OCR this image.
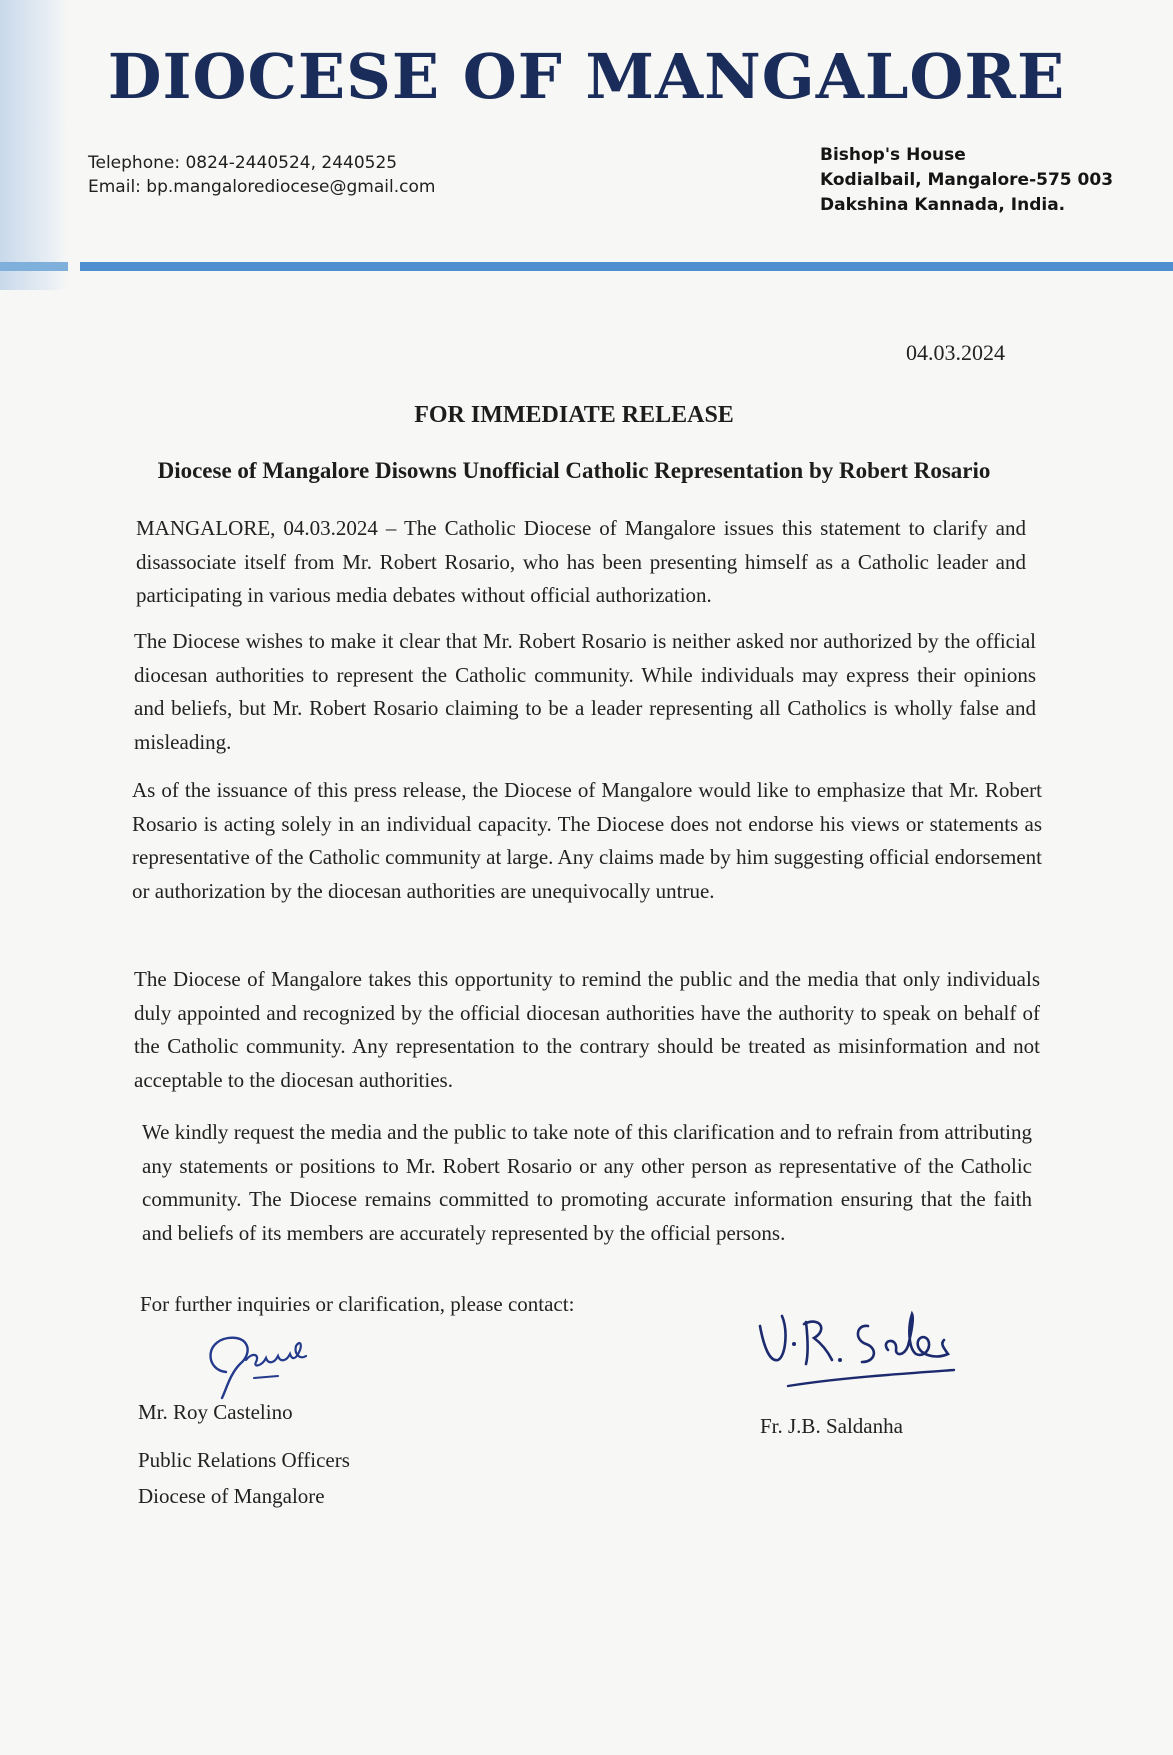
DIOCESE OF MANGALORE
Telephone: 0824-2440524, 2440525
Email: bp.mangalorediocese@gmail.com
Bishop's House
Kodialbail, Mangalore-575 003
Dakshina Kannada, India.
04.03.2024
FOR IMMEDIATE RELEASE
Diocese of Mangalore Disowns Unofficial Catholic Representation by Robert Rosario

MANGALORE, 04.03.2024 – The Catholic Diocese of Mangalore issues this statement to clarify and disassociate itself from Mr. Robert Rosario, who has been presenting himself as a Catholic leader and participating in various media debates without official authorization.

The Diocese wishes to make it clear that Mr. Robert Rosario is neither asked nor authorized by the official diocesan authorities to represent the Catholic community. While individuals may express their opinions and beliefs, but Mr. Robert Rosario claiming to be a leader representing all Catholics is wholly false and misleading.

As of the issuance of this press release, the Diocese of Mangalore would like to emphasize that Mr. Robert Rosario is acting solely in an individual capacity. The Diocese does not endorse his views or statements as representative of the Catholic community at large. Any claims made by him suggesting official endorsement or authorization by the diocesan authorities are unequivocally untrue.

The Diocese of Mangalore takes this opportunity to remind the public and the media that only individuals duly appointed and recognized by the official diocesan authorities have the authority to speak on behalf of the Catholic community. Any representation to the contrary should be treated as misinformation and not acceptable to the diocesan authorities.

We kindly request the media and the public to take note of this clarification and to refrain from attributing any statements or positions to Mr. Robert Rosario or any other person as representative of the Catholic community. The Diocese remains committed to promoting accurate information ensuring that the faith and beliefs of its members are accurately represented by the official persons.

For further inquiries or clarification, please contact:

Mr. Roy Castelino
Public Relations Officers
Diocese of Mangalore
Fr. J.B. Saldanha
